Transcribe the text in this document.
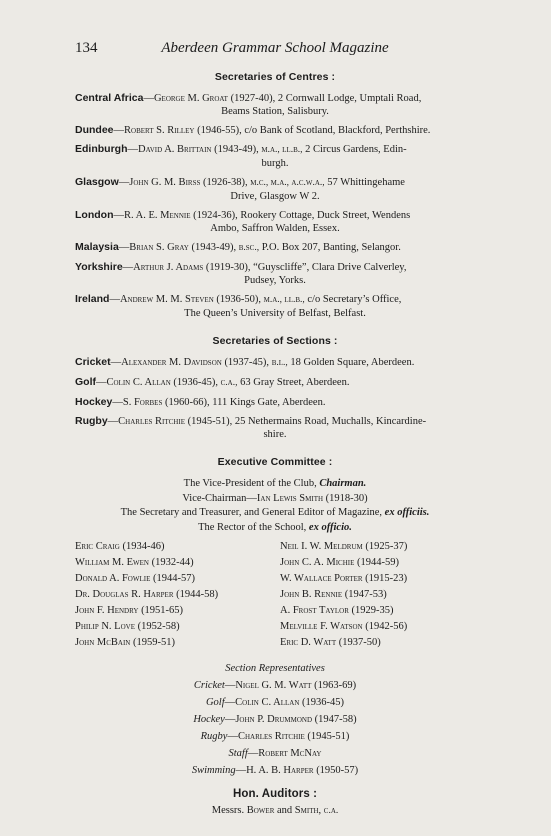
134	Aberdeen Grammar School Magazine
Secretaries of Centres :
Central Africa—George M. Groat (1927-40), 2 Cornwall Lodge, Umptali Road,
Beams Station, Salisbury.
Dundee—Robert S. Rilley (1946-55), c/o Bank of Scotland, Blackford, Perthshire.
Edinburgh—David A. Brittain (1943-49), m.a., ll.b., 2 Circus Gardens, Edin-
burgh.
Glasgow—John G. M. Birss (1926-38), m.c., m.a., a.c.w.a., 57 Whittingehame
Drive, Glasgow W 2.
London—R. A. E. Mennie (1924-36), Rookery Cottage, Duck Street, Wendens
Ambo, Saffron Walden, Essex.
Malaysia—Brian S. Gray (1943-49), b.sc., P.O. Box 207, Banting, Selangor.
Yorkshire—Arthur J. Adams (1919-30), “Guyscliffe”, Clara Drive Calverley,
Pudsey, Yorks.
Ireland—Andrew M. M. Steven (1936-50), m.a., ll.b., c/o Secretary’s Office,
The Queen’s University of Belfast, Belfast.
Secretaries of Sections :
Cricket—Alexander M. Davidson (1937-45), b.l., 18 Golden Square, Aberdeen.
Golf—Colin C. Allan (1936-45), c.a., 63 Gray Street, Aberdeen.
Hockey—S. Forbes (1960-66), 111 Kings Gate, Aberdeen.
Rugby—Charles Ritchie (1945-51), 25 Nethermains Road, Muchalls, Kincardine-
shire.
Executive Committee :
The Vice-President of the Club, Chairman.
Vice-Chairman—Ian Lewis Smith (1918-30)
The Secretary and Treasurer, and General Editor of Magazine, ex officiis.
The Rector of the School, ex officio.
Eric Craig (1934-46)
William M. Ewen (1932-44)
Donald A. Fowlie (1944-57)
Dr. Douglas R. Harper (1944-58)
John F. Hendry (1951-65)
Philip N. Love (1952-58)
John McBain (1959-51)
Neil I. W. Meldrum (1925-37)
John C. A. Michie (1944-59)
W. Wallace Porter (1915-23)
John B. Rennie (1947-53)
A. Frost Taylor (1929-35)
Melville F. Watson (1942-56)
Eric D. Watt (1937-50)
Section Representatives
Cricket—Nigel G. M. Watt (1963-69)
Golf—Colin C. Allan (1936-45)
Hockey—John P. Drummond (1947-58)
Rugby—Charles Ritchie (1945-51)
Staff—Robert McNay
Swimming—H. A. B. Harper (1950-57)
Hon. Auditors :
Messrs. Bower and Smith, c.a.
